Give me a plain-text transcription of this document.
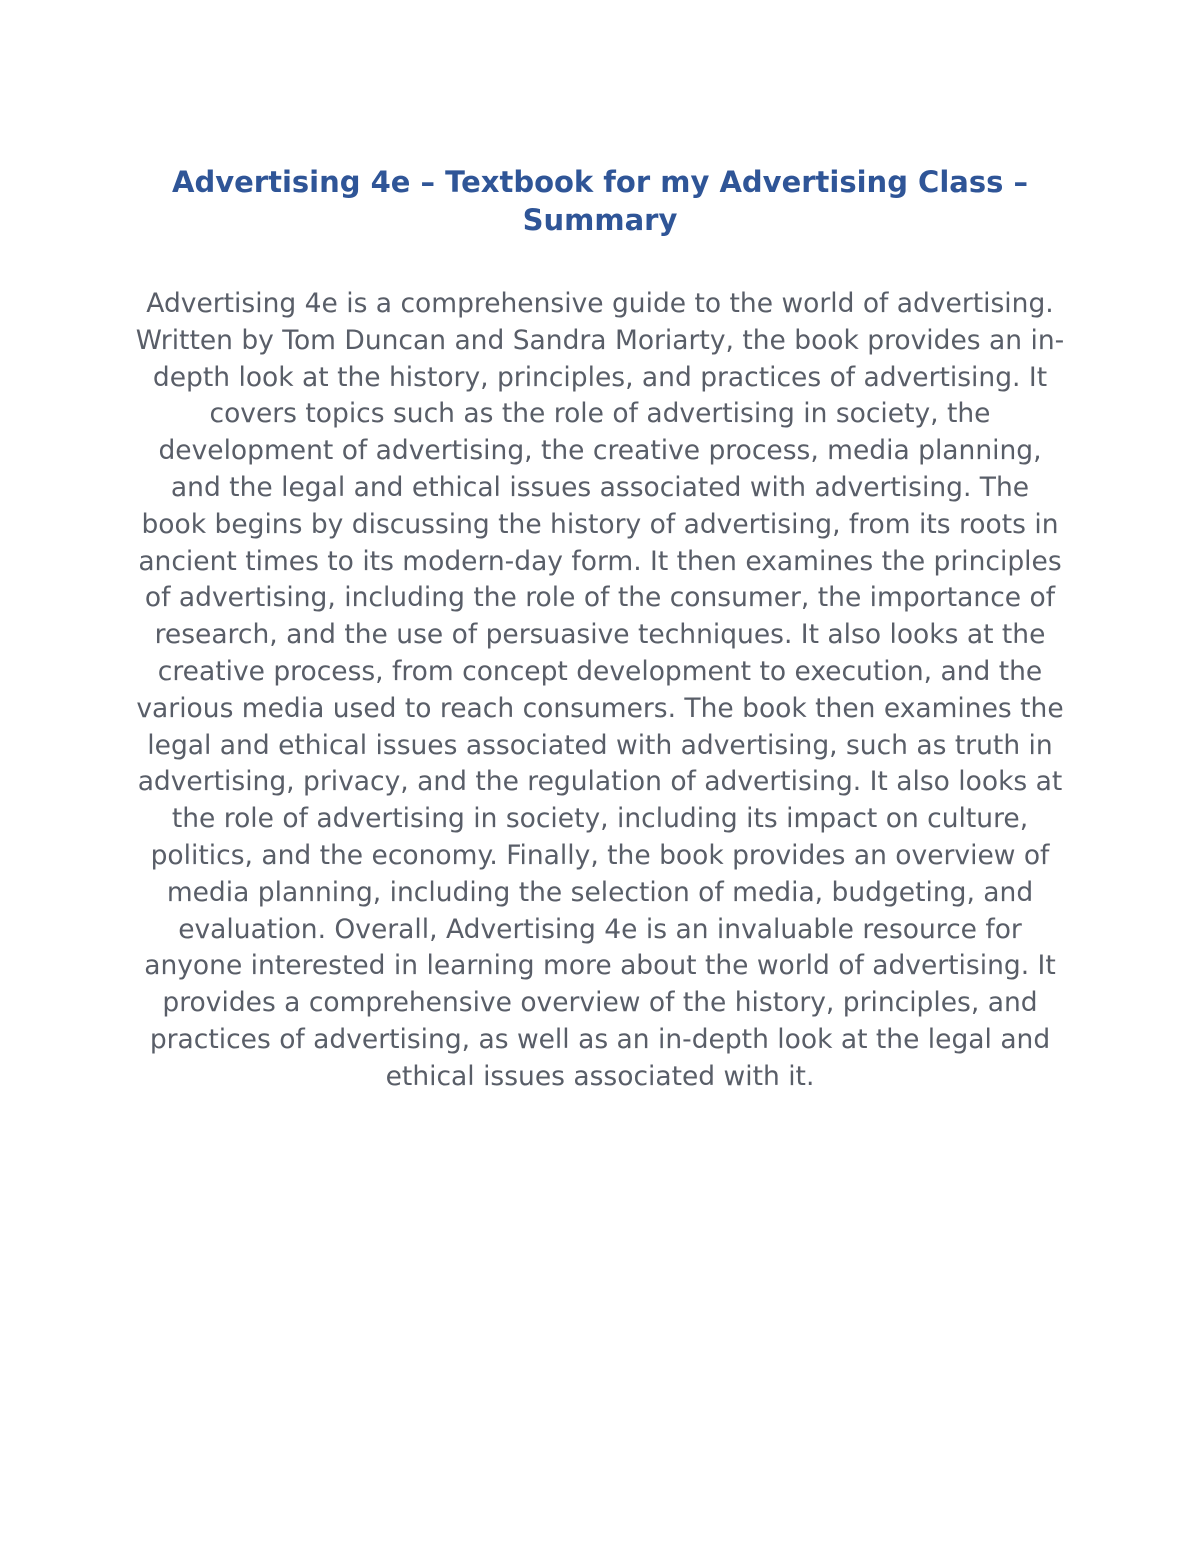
Advertising 4e – Textbook for my Advertising Class – Summary

Advertising 4e is a comprehensive guide to the world of advertising. Written by Tom Duncan and Sandra Moriarty, the book provides an in-depth look at the history, principles, and practices of advertising. It covers topics such as the role of advertising in society, the development of advertising, the creative process, media planning, and the legal and ethical issues associated with advertising. The book begins by discussing the history of advertising, from its roots in ancient times to its modern-day form. It then examines the principles of advertising, including the role of the consumer, the importance of research, and the use of persuasive techniques. It also looks at the creative process, from concept development to execution, and the various media used to reach consumers. The book then examines the legal and ethical issues associated with advertising, such as truth in advertising, privacy, and the regulation of advertising. It also looks at the role of advertising in society, including its impact on culture, politics, and the economy. Finally, the book provides an overview of media planning, including the selection of media, budgeting, and evaluation. Overall, Advertising 4e is an invaluable resource for anyone interested in learning more about the world of advertising. It provides a comprehensive overview of the history, principles, and practices of advertising, as well as an in-depth look at the legal and ethical issues associated with it.
